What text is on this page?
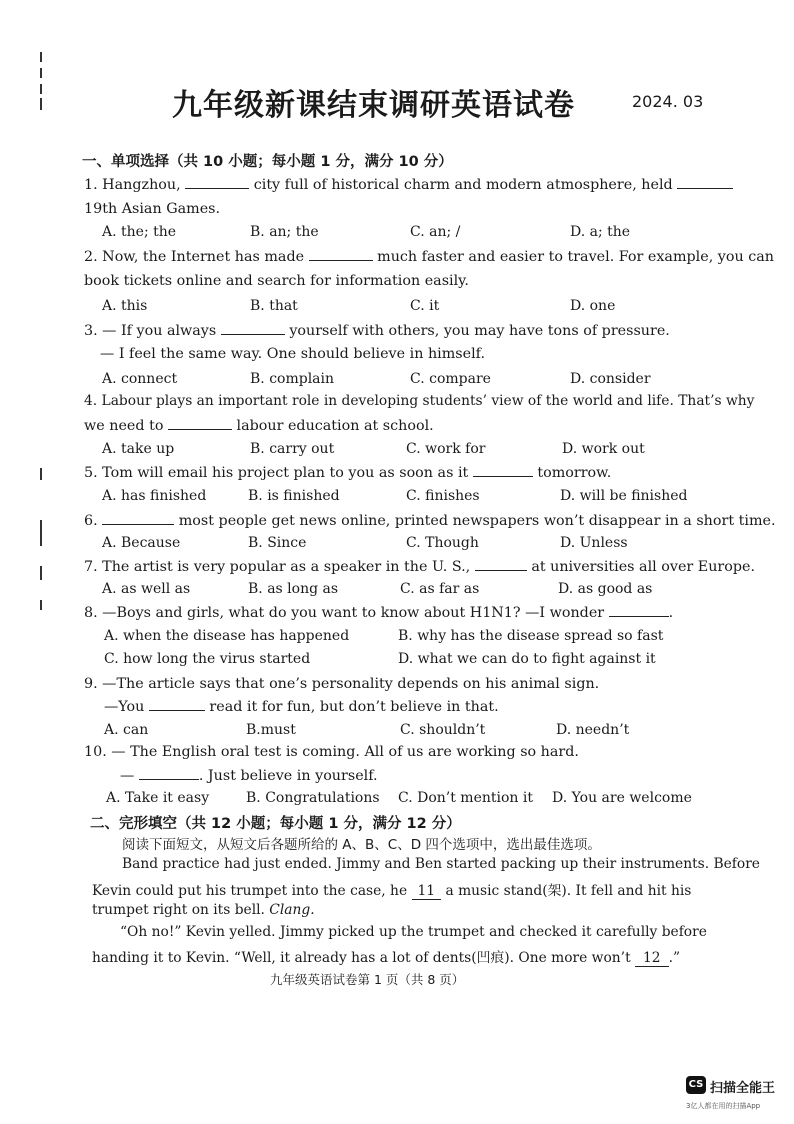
九年级新课结束调研英语试卷	2024. 03
一、单项选择（共 10 小题；每小题 1 分，满分 10 分）
1. Hangzhou,	city full of historical charm and modern atmosphere, held
19th Asian Games.
A. the; the	B. an; the	C. an; /	D. a; the
2. Now, the Internet has made	much faster and easier to travel. For example, you can
book tickets online and search for information easily.
A. this	B. that	C. it	D. one
3. — If you always	yourself with others, you may have tons of pressure.
— I feel the same way. One should believe in himself.
A. connect	B. complain	C. compare	D. consider
4. Labour plays an important role in developing students’ view of the world and life. That’s why
we need to	labour education at school.
A. take up	B. carry out	C. work for	D. work out
5. Tom will email his project plan to you as soon as it	tomorrow.
A. has finished	B. is finished	C. finishes	D. will be finished
6.	most people get news online, printed newspapers won’t disappear in a short time.
A. Because	B. Since	C. Though	D. Unless
7. The artist is very popular as a speaker in the U. S.,	at universities all over Europe.
A. as well as	B. as long as	C. as far as	D. as good as
8. —Boys and girls, what do you want to know about H1N1? —I wonder	.
A. when the disease has happened	B. why has the disease spread so fast
C. how long the virus started	D. what we can do to fight against it
9. —The article says that one’s personality depends on his animal sign.
—You	read it for fun, but don’t believe in that.
A. can	B.must	C. shouldn’t	D. needn’t
10. — The English oral test is coming. All of us are working so hard.
—	. Just believe in yourself.
A. Take it easy	B. Congratulations C. Don’t mention it D. You are welcome
二、完形填空（共 12 小题；每小题 1 分，满分 12 分）
阅读下面短文，从短文后各题所给的 A、B、C、D 四个选项中，选出最佳选项。
Band practice had just ended. Jimmy and Ben started packing up their instruments. Before
Kevin could put his trumpet into the case, he 11 a music stand(架). It fell and hit his
trumpet right on its bell. Clang.
“Oh no!” Kevin yelled. Jimmy picked up the trumpet and checked it carefully before
handing it to Kevin. “Well, it already has a lot of dents(凹痕). One more won’t 12 .”
九年级英语试卷第 1 页（共 8 页）
CS 扫描全能王
3亿人都在用的扫描App
